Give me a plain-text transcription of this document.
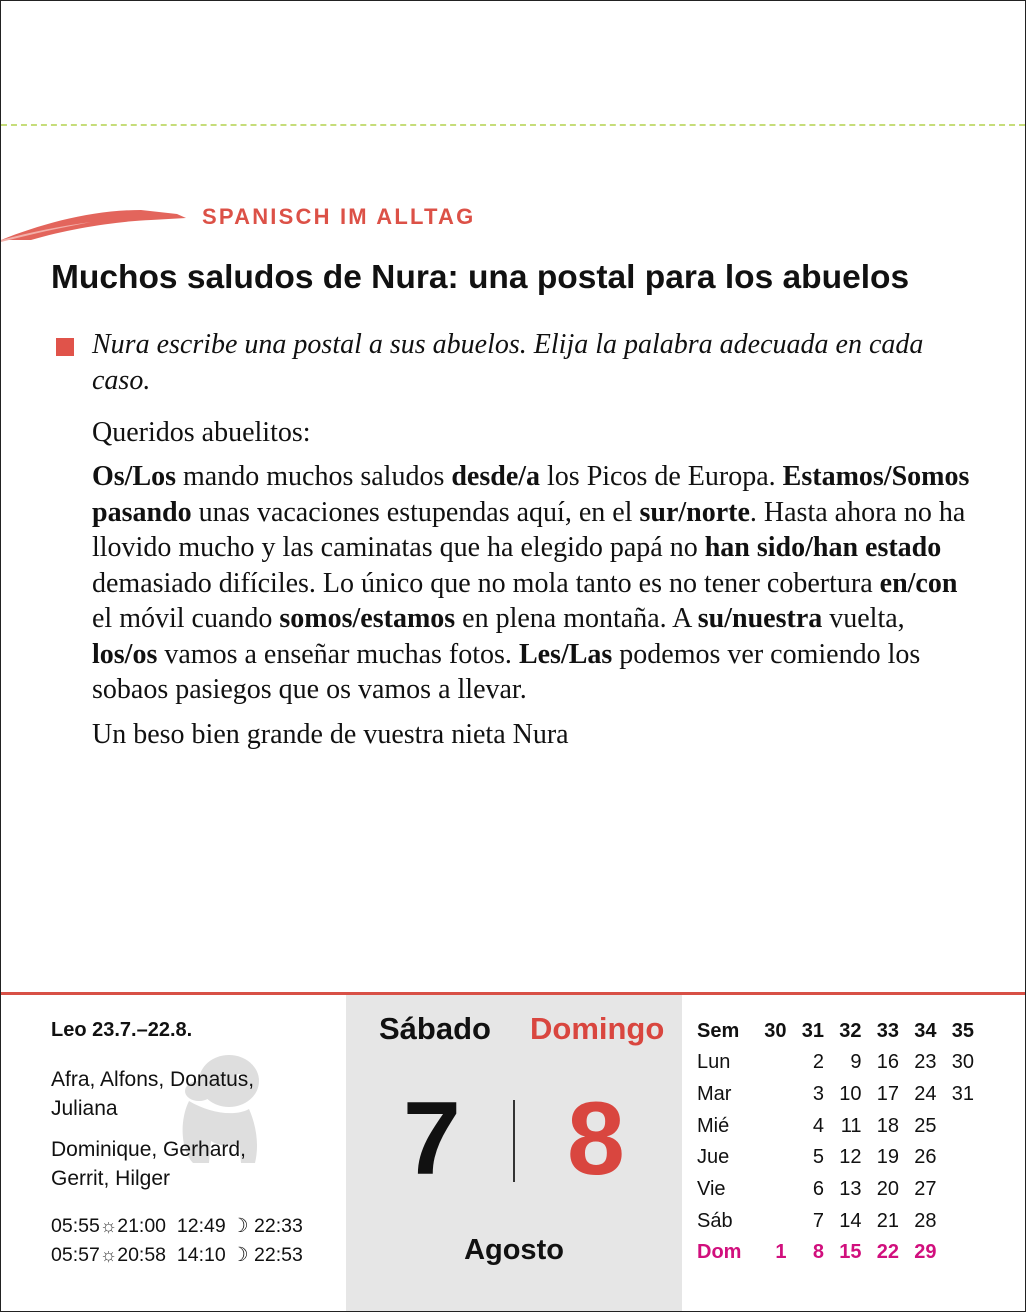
SPANISCH IM ALLTAG
Muchos saludos de Nura: una postal para los abuelos
Nura escribe una postal a sus abuelos. Elija la palabra adecuada en cada caso.

Queridos abuelitos:

Os/Los mando muchos saludos desde/a los Picos de Europa. Estamos/Somos pasando unas vacaciones estupendas aquí, en el sur/​norte. Hasta ahora no ha llovido mucho y las caminatas que ha elegido papá no han sido/han estado demasiado difíciles. Lo único que no mola tanto es no tener cobertura en/con el móvil cuando somos/estamos en plena montaña. A su/nuestra vuelta, los/os vamos a enseñar muchas fotos. Les/Las podemos ver comiendo los sobaos pasiegos que os vamos a llevar.

Un beso bien grande de vuestra nieta Nura

Leo 23.7.–22.8.
Afra, Alfons, Donatus, Juliana
Dominique, Gerhard, Gerrit, Hilger
05:55☼21:00 12:49 ☽ 22:33
05:57☼20:58 14:10 ☽ 22:53
Sábado Domingo
7 8
Agosto
Sem	30	31	32	33	34	35
Lun		2	9	16	23	30
Mar		3	10	17	24	31
Mié		4	11	18	25	
Jue		5	12	19	26	
Vie		6	13	20	27	
Sáb		7	14	21	28	
Dom	1	8	15	22	29	
